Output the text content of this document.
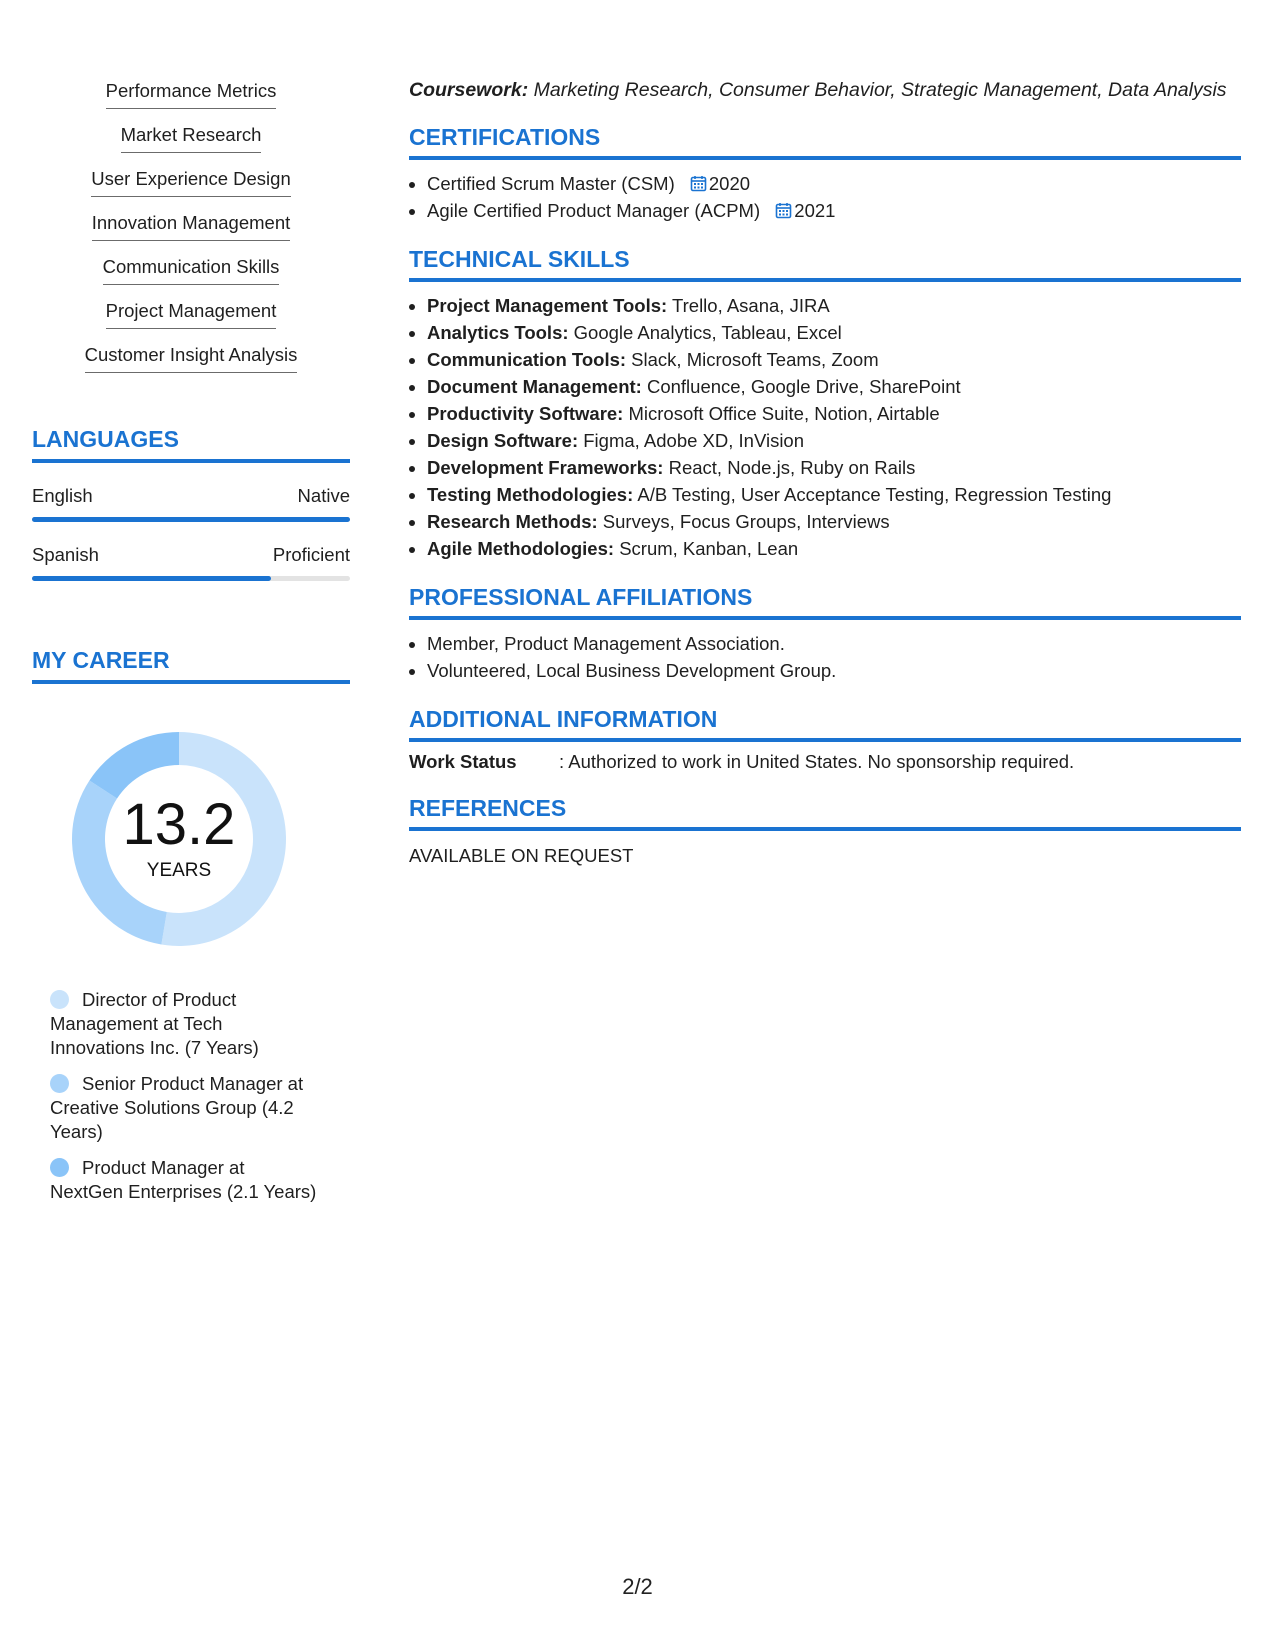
Performance Metrics
Market Research
User Experience Design
Innovation Management
Communication Skills
Project Management
Customer Insight Analysis
LANGUAGES
English	Native
Spanish	Proficient
MY CAREER
13.2
YEARS
Director of Product Management at Tech Innovations Inc. (7 Years)
Senior Product Manager at Creative Solutions Group (4.2 Years)
Product Manager at NextGen Enterprises (2.1 Years)
Coursework: Marketing Research, Consumer Behavior, Strategic Management, Data Analysis
CERTIFICATIONS
• Certified Scrum Master (CSM) 2020
• Agile Certified Product Manager (ACPM) 2021
TECHNICAL SKILLS
• Project Management Tools: Trello, Asana, JIRA
• Analytics Tools: Google Analytics, Tableau, Excel
• Communication Tools: Slack, Microsoft Teams, Zoom
• Document Management: Confluence, Google Drive, SharePoint
• Productivity Software: Microsoft Office Suite, Notion, Airtable
• Design Software: Figma, Adobe XD, InVision
• Development Frameworks: React, Node.js, Ruby on Rails
• Testing Methodologies: A/B Testing, User Acceptance Testing, Regression Testing
• Research Methods: Surveys, Focus Groups, Interviews
• Agile Methodologies: Scrum, Kanban, Lean
PROFESSIONAL AFFILIATIONS
• Member, Product Management Association.
• Volunteered, Local Business Development Group.
ADDITIONAL INFORMATION
Work Status	: Authorized to work in United States. No sponsorship required.
REFERENCES
AVAILABLE ON REQUEST
2/2
